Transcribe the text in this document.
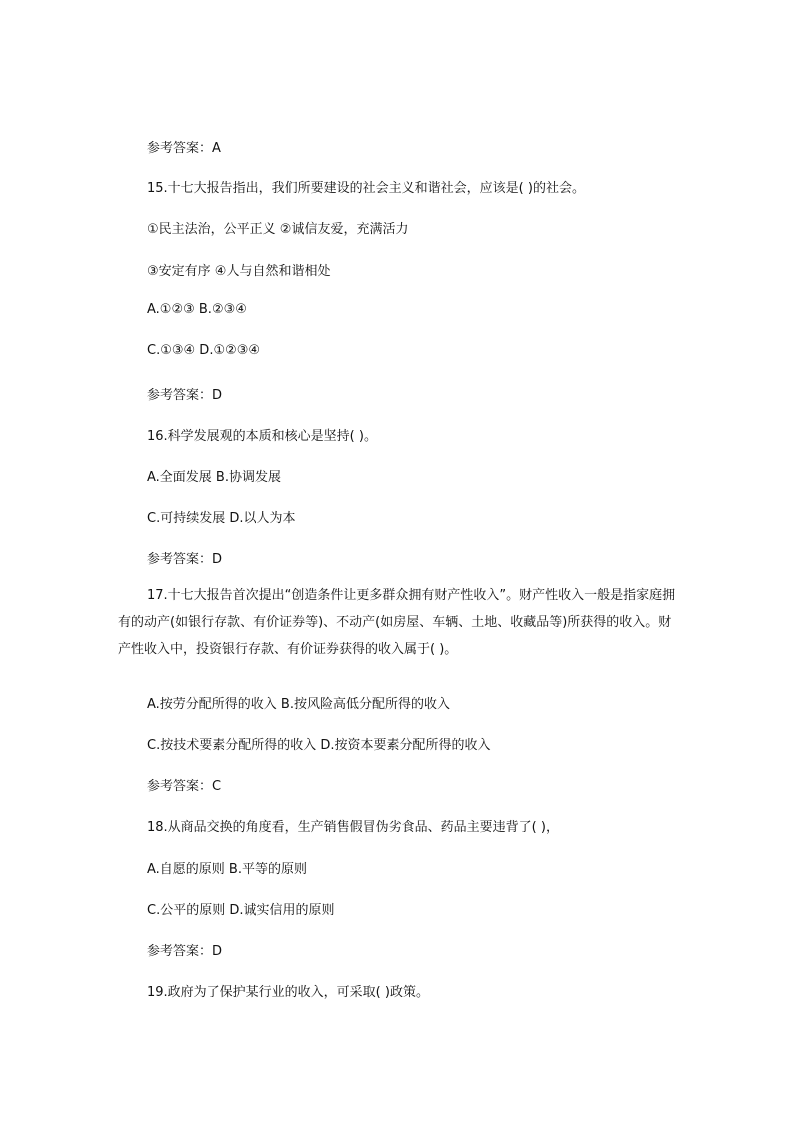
参考答案：A
15.十七大报告指出，我们所要建设的社会主义和谐社会，应该是( )的社会。
①民主法治，公平正义 ②诚信友爱，充满活力
③安定有序 ④人与自然和谐相处
A.①②③ B.②③④
C.①③④ D.①②③④
参考答案：D
16.科学发展观的本质和核心是坚持( )。
A.全面发展 B.协调发展
C.可持续发展 D.以人为本
参考答案：D
17.十七大报告首次提出“创造条件让更多群众拥有财产性收入”。财产性收入一般是指家庭拥有的动产(如银行存款、有价证券等)、不动产(如房屋、车辆、土地、收藏品等)所获得的收入。财产性收入中，投资银行存款、有价证券获得的收入属于( )。
A.按劳分配所得的收入 B.按风险高低分配所得的收入
C.按技术要素分配所得的收入 D.按资本要素分配所得的收入
参考答案：C
18.从商品交换的角度看，生产销售假冒伪劣食品、药品主要违背了( )，
A.自愿的原则 B.平等的原则
C.公平的原则 D.诚实信用的原则
参考答案：D
19.政府为了保护某行业的收入，可采取( )政策。
